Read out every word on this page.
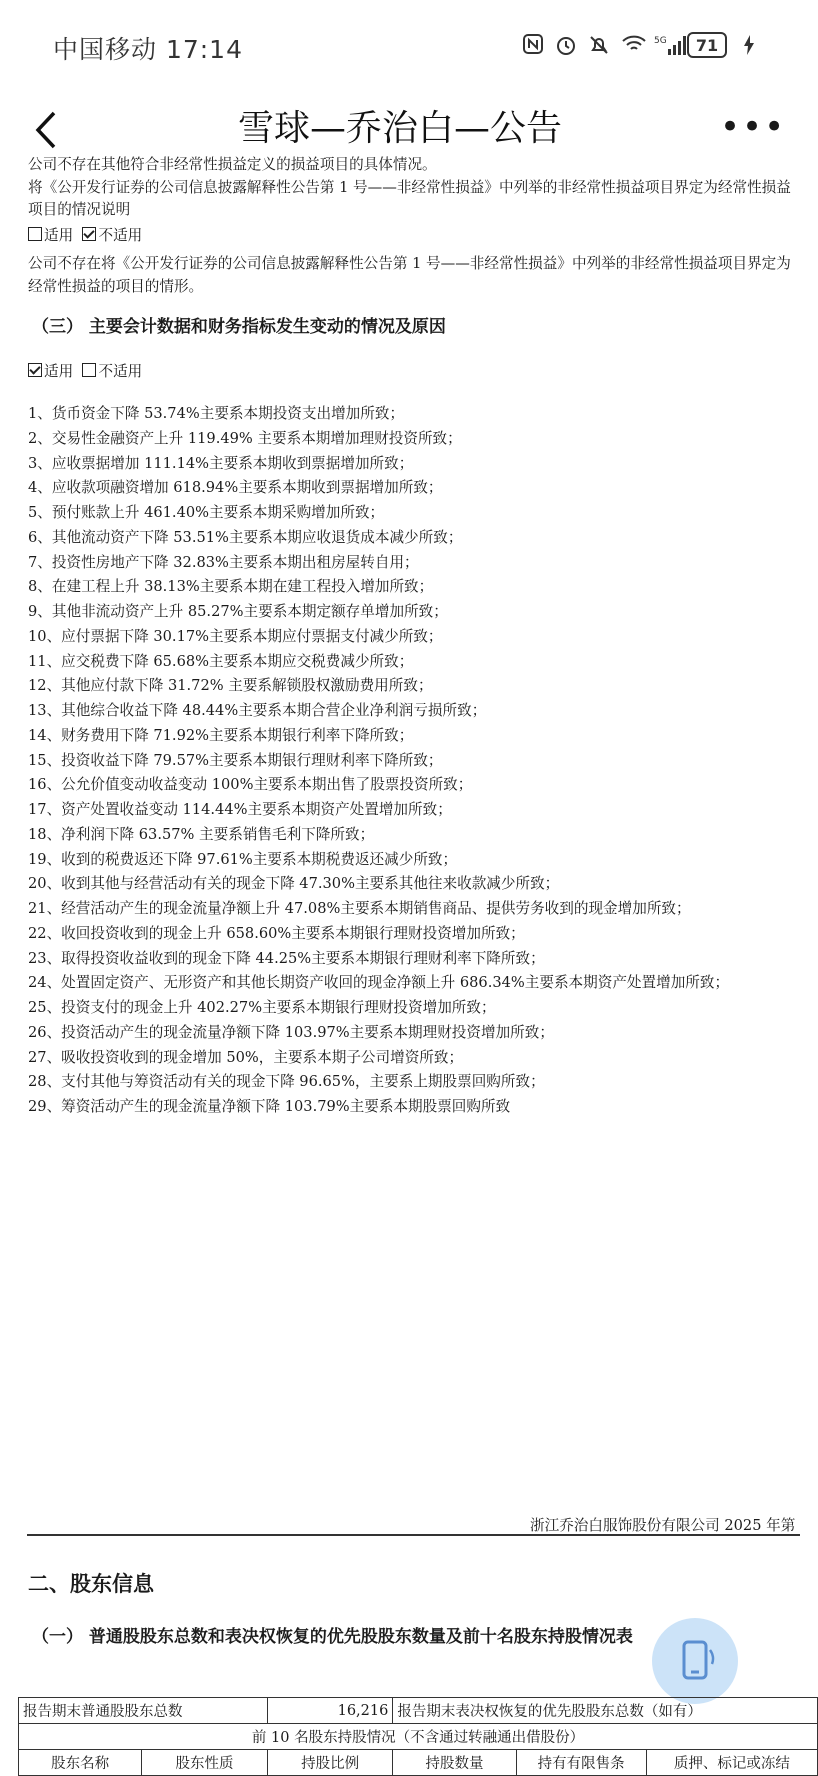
中国移动 17:14	5G	71
雪球—乔治白—公告	•••
公司不存在其他符合非经常性损益定义的损益项目的具体情况。
将《公开发行证券的公司信息披露解释性公告第 1 号——非经常性损益》中列举的非经常性损益项目界定为经常性损益
项目的情况说明
适用 不适用
公司不存在将《公开发行证券的公司信息披露解释性公告第 1 号——非经常性损益》中列举的非经常性损益项目界定为
经常性损益的项目的情形。
（三） 主要会计数据和财务指标发生变动的情况及原因
适用 不适用
1、货币资金下降 53.74%主要系本期投资支出增加所致；
2、交易性金融资产上升 119.49% 主要系本期增加理财投资所致；
3、应收票据增加 111.14%主要系本期收到票据增加所致；
4、应收款项融资增加 618.94%主要系本期收到票据增加所致；
5、预付账款上升 461.40%主要系本期采购增加所致；
6、其他流动资产下降 53.51%主要系本期应收退货成本减少所致；
7、投资性房地产下降 32.83%主要系本期出租房屋转自用；
8、在建工程上升 38.13%主要系本期在建工程投入增加所致；
9、其他非流动资产上升 85.27%主要系本期定额存单增加所致；
10、应付票据下降 30.17%主要系本期应付票据支付减少所致；
11、应交税费下降 65.68%主要系本期应交税费减少所致；
12、其他应付款下降 31.72% 主要系解锁股权激励费用所致；
13、其他综合收益下降 48.44%主要系本期合营企业净利润亏损所致；
14、财务费用下降 71.92%主要系本期银行利率下降所致；
15、投资收益下降 79.57%主要系本期银行理财利率下降所致；
16、公允价值变动收益变动 100%主要系本期出售了股票投资所致；
17、资产处置收益变动 114.44%主要系本期资产处置增加所致；
18、净利润下降 63.57% 主要系销售毛利下降所致；
19、收到的税费返还下降 97.61%主要系本期税费返还减少所致；
20、收到其他与经营活动有关的现金下降 47.30%主要系其他往来收款减少所致；
21、经营活动产生的现金流量净额上升 47.08%主要系本期销售商品、提供劳务收到的现金增加所致；
22、收回投资收到的现金上升 658.60%主要系本期银行理财投资增加所致；
23、取得投资收益收到的现金下降 44.25%主要系本期银行理财利率下降所致；
24、处置固定资产、无形资产和其他长期资产收回的现金净额上升 686.34%主要系本期资产处置增加所致；
25、投资支付的现金上升 402.27%主要系本期银行理财投资增加所致；
26、投资活动产生的现金流量净额下降 103.97%主要系本期理财投资增加所致；
27、吸收投资收到的现金增加 50%，主要系本期子公司增资所致；
28、支付其他与筹资活动有关的现金下降 96.65%，主要系上期股票回购所致；
29、筹资活动产生的现金流量净额下降 103.79%主要系本期股票回购所致
浙江乔治白服饰股份有限公司 2025 年第
二、股东信息
（一） 普通股股东总数和表决权恢复的优先股股东数量及前十名股东持股情况表
报告期末普通股股东总数		16,216	报告期末表决权恢复的优先股股东总数（如有）		
前 10 名股东持股情况（不含通过转融通出借股份）					
股东名称	股东性质	持股比例	持股数量	持有有限售条	质押、标记或冻结
